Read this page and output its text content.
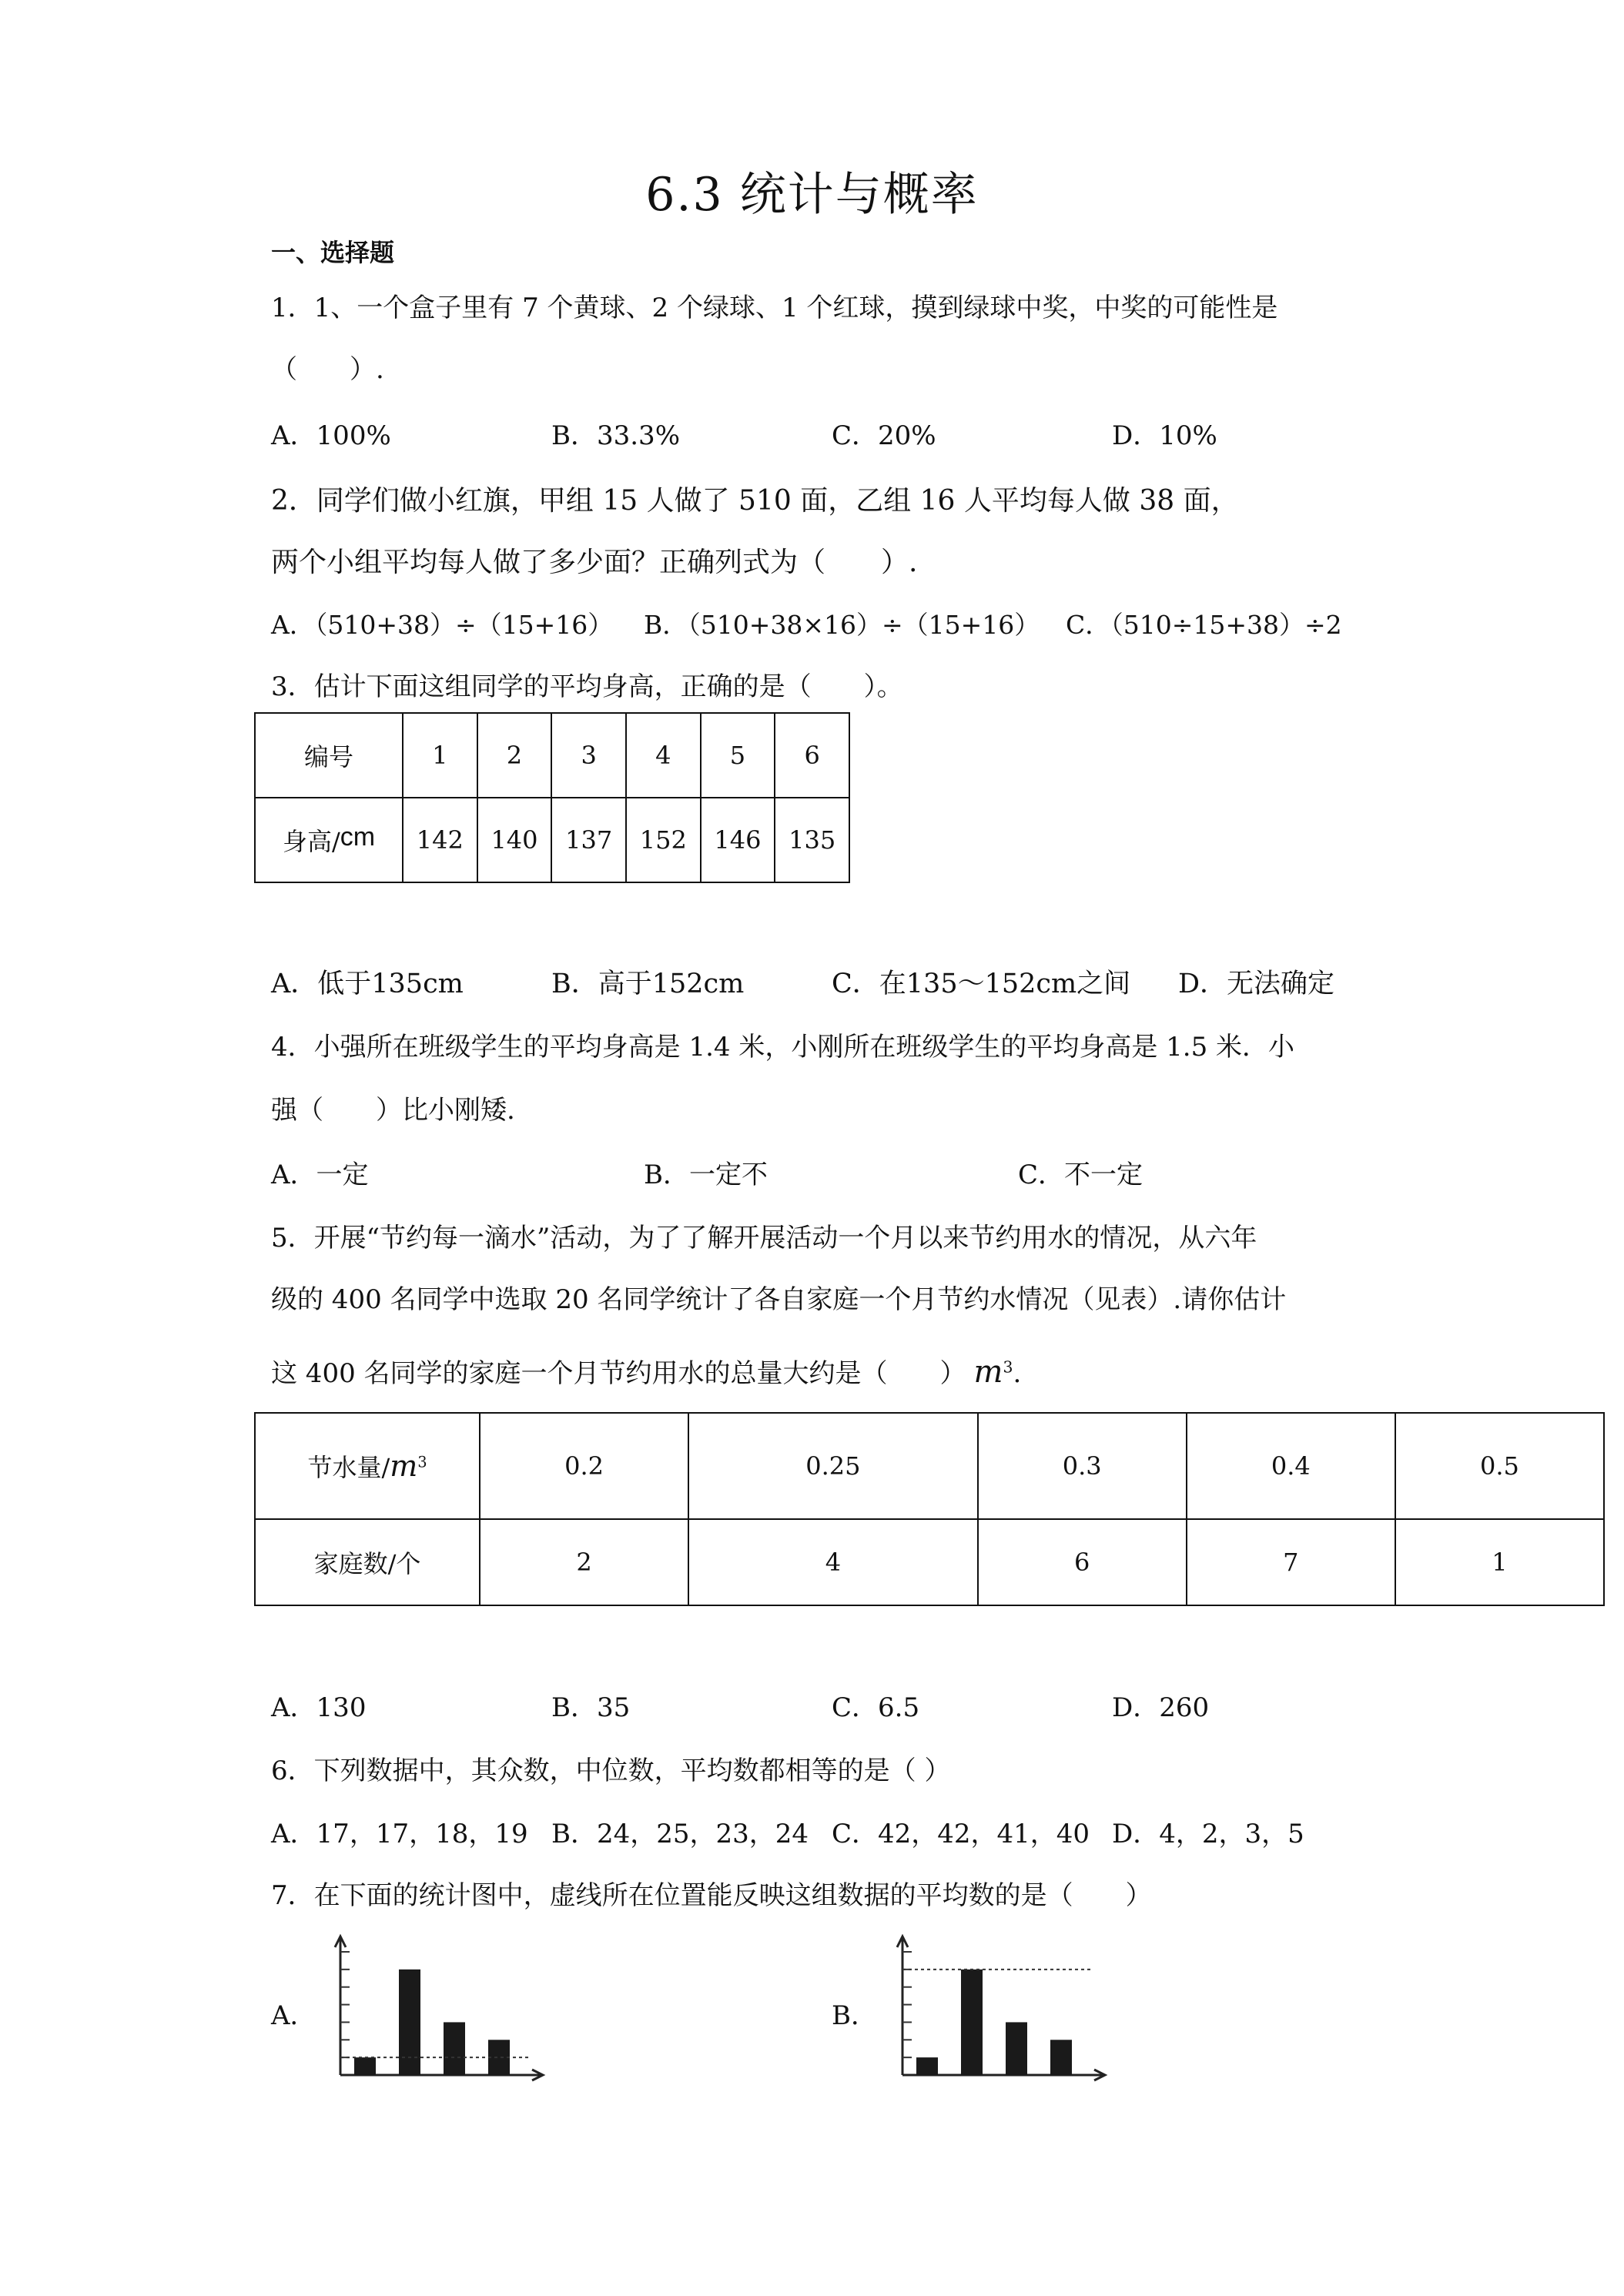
6.3 统计与概率
一、选择题
1．1、一个盒子里有 7 个黄球、2 个绿球、1 个红球，摸到绿球中奖，中奖的可能性是
（　　）.
A．100%	B．33.3%	C．20%	D．10%
2．同学们做小红旗，甲组 15 人做了 510 面，乙组 16 人平均每人做 38 面，
两个小组平均每人做了多少面？正确列式为（　　）.
A．（510+38）÷（15+16） B．（510+38×16）÷（15+16） C．（510÷15+38）÷2
3．估计下面这组同学的平均身高，正确的是（　　）。
编号	1	2	3	4	5	6
身高/cm	142	140	137	152	146	135
A．低于135cm	B．高于152cm	C．在135～152cm之间 D．无法确定
4．小强所在班级学生的平均身高是 1.4 米，小刚所在班级学生的平均身高是 1.5 米．小
强（　　）比小刚矮.
A．一定	B．一定不	C．不一定
5．开展“节约每一滴水”活动，为了了解开展活动一个月以来节约用水的情况，从六年
级的 400 名同学中选取 20 名同学统计了各自家庭一个月节约水情况（见表）.请你估计
这 400 名同学的家庭一个月节约用水的总量大约是（　　） $m^3$.
节水量$/m^3$	0.2	0.25	0.3	0.4	0.5
家庭数/个	2	4	6	7	1
A．130	B．35	C．6.5	D．260
6．下列数据中，其众数，中位数，平均数都相等的是（ ）
A．17，17，18，19 B．24，25，23，24 C．42，42，41，40 D．4，2，3，5
7．在下面的统计图中，虚线所在位置能反映这组数据的平均数的是（　　）
A．	B．
